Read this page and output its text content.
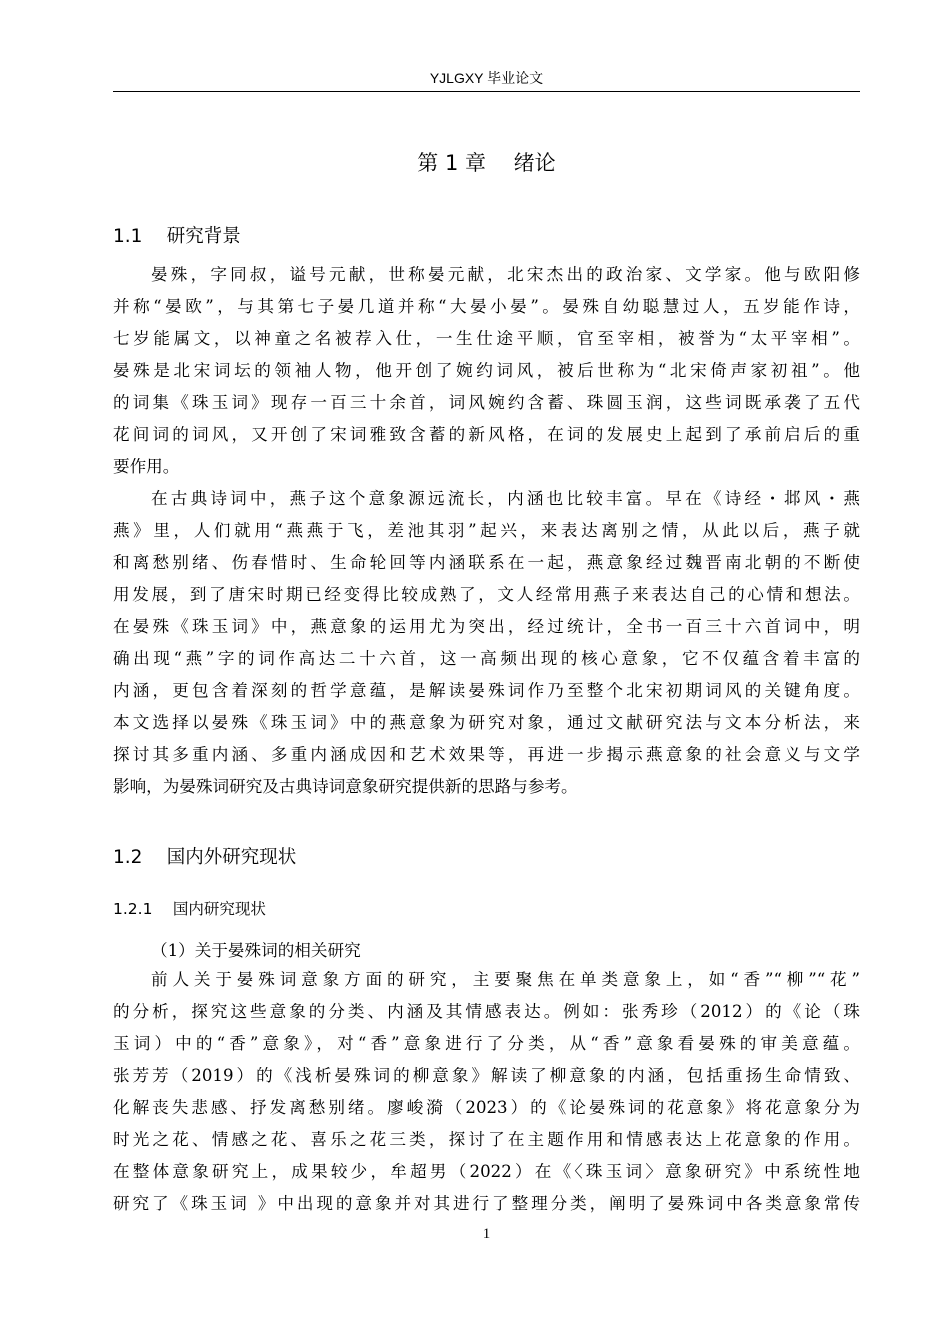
YJLGXY 毕业论文
第 1 章　 绪论
1.1　 研究背景
晏殊，字同叔，谥号元献，世称晏元献，北宋杰出的政治家、文学家。他与欧阳修
并称“晏欧”，与其第七子晏几道并称“大晏小晏”。晏殊自幼聪慧过人，五岁能作诗，
七岁能属文，以神童之名被荐入仕，一生仕途平顺，官至宰相，被誉为“太平宰相”。
晏殊是北宋词坛的领袖人物，他开创了婉约词风，被后世称为“北宋倚声家初祖”。他
的词集《珠玉词》现存一百三十余首，词风婉约含蓄、珠圆玉润，这些词既承袭了五代
花间词的词风，又开创了宋词雅致含蓄的新风格，在词的发展史上起到了承前启后的重
要作用。
在古典诗词中，燕子这个意象源远流长，内涵也比较丰富。早在《诗经・邶风・燕
燕》里，人们就用“燕燕于飞，差池其羽”起兴，来表达离别之情，从此以后，燕子就
和离愁别绪、伤春惜时、生命轮回等内涵联系在一起，燕意象经过魏晋南北朝的不断使
用发展，到了唐宋时期已经变得比较成熟了，文人经常用燕子来表达自己的心情和想法。
在晏殊《珠玉词》中，燕意象的运用尤为突出，经过统计，全书一百三十六首词中，明
确出现“燕”字的词作高达二十六首，这一高频出现的核心意象，它不仅蕴含着丰富的
内涵，更包含着深刻的哲学意蕴，是解读晏殊词作乃至整个北宋初期词风的关键角度。
本文选择以晏殊《珠玉词》中的燕意象为研究对象，通过文献研究法与文本分析法，来
探讨其多重内涵、多重内涵成因和艺术效果等，再进一步揭示燕意象的社会意义与文学
影响，为晏殊词研究及古典诗词意象研究提供新的思路与参考。
1.2　 国内外研究现状
1.2.1　 国内研究现状
（1）关于晏殊词的相关研究
前人关于晏殊词意象方面的研究，主要聚焦在单类意象上，如“香”“柳”“花”
的分析，探究这些意象的分类、内涵及其情感表达。例如：张秀珍（2012）的《论（珠
玉词）中的“香”意象》，对“香”意象进行了分类，从“香”意象看晏殊的审美意蕴。
张芳芳（2019）的《浅析晏殊词的柳意象》解读了柳意象的内涵，包括重扬生命情致、
化解丧失悲感、抒发离愁别绪。廖峻漪（2023）的《论晏殊词的花意象》将花意象分为
时光之花、情感之花、喜乐之花三类，探讨了在主题作用和情感表达上花意象的作用。
在整体意象研究上，成果较少，牟超男（2022）在《〈珠玉词〉意象研究》中系统性地
研究了《珠玉词 》中出现的意象并对其进行了整理分类，阐明了晏殊词中各类意象常传
1
